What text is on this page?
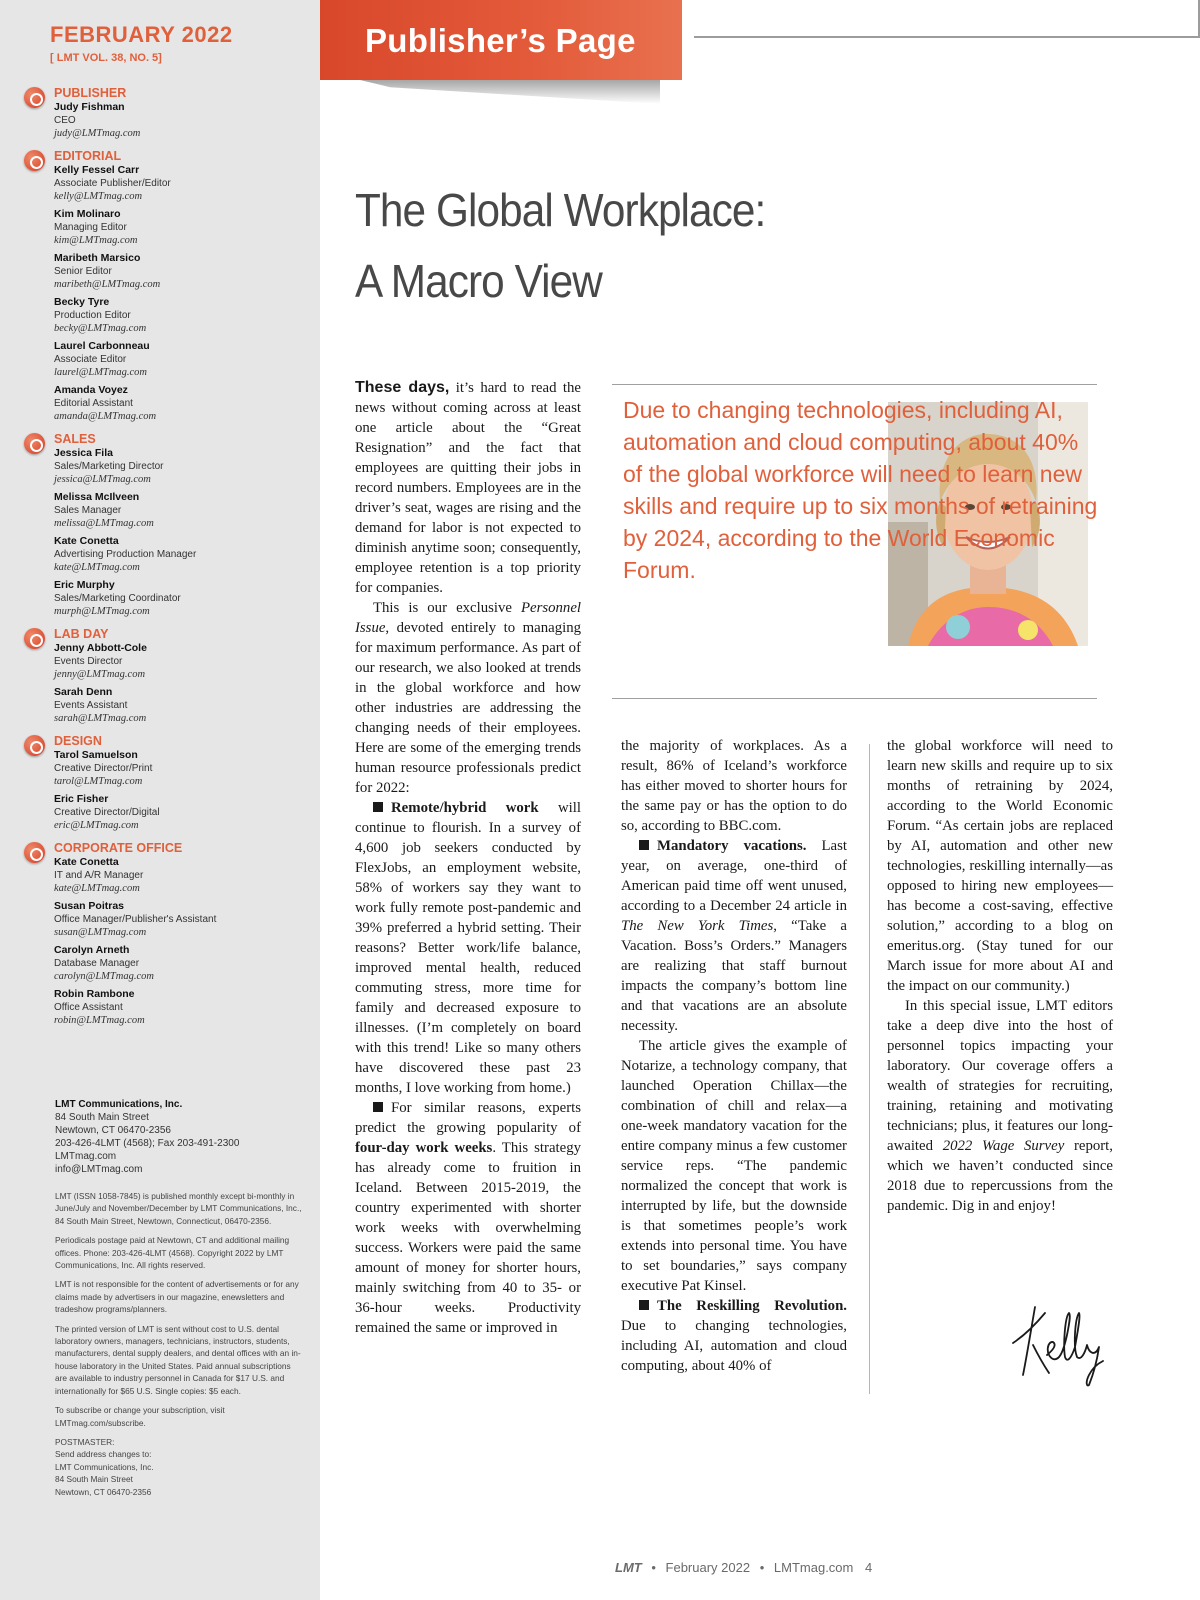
FEBRUARY 2022
[ LMT VOL. 38, NO. 5]
PUBLISHER
Judy Fishman
CEO
judy@LMTmag.com
EDITORIAL
Kelly Fessel Carr
Associate Publisher/Editor
kelly@LMTmag.com
Kim Molinaro
Managing Editor
kim@LMTmag.com
Maribeth Marsico
Senior Editor
maribeth@LMTmag.com
Becky Tyre
Production Editor
becky@LMTmag.com
Laurel Carbonneau
Associate Editor
laurel@LMTmag.com
Amanda Voyez
Editorial Assistant
amanda@LMTmag.com
SALES
Jessica Fila
Sales/Marketing Director
jessica@LMTmag.com
Melissa McIlveen
Sales Manager
melissa@LMTmag.com
Kate Conetta
Advertising Production Manager
kate@LMTmag.com
Eric Murphy
Sales/Marketing Coordinator
murph@LMTmag.com
LAB DAY
Jenny Abbott-Cole
Events Director
jenny@LMTmag.com
Sarah Denn
Events Assistant
sarah@LMTmag.com
DESIGN
Tarol Samuelson
Creative Director/Print
tarol@LMTmag.com
Eric Fisher
Creative Director/Digital
eric@LMTmag.com
CORPORATE OFFICE
Kate Conetta
IT and A/R Manager
kate@LMTmag.com
Susan Poitras
Office Manager/Publisher's Assistant
susan@LMTmag.com
Carolyn Arneth
Database Manager
carolyn@LMTmag.com
Robin Rambone
Office Assistant
robin@LMTmag.com
LMT Communications, Inc.
84 South Main Street
Newtown, CT 06470-2356
203-426-4LMT (4568); Fax 203-491-2300
LMTmag.com
info@LMTmag.com

LMT (ISSN 1058-7845) is published monthly except bi-monthly in June/July and November/December by LMT Communications, Inc., 84 South Main Street, Newtown, Connecticut, 06470-2356.

Periodicals postage paid at Newtown, CT and additional mailing offices. Phone: 203-426-4LMT (4568). Copyright 2022 by LMT Communications, Inc. All rights reserved.

LMT is not responsible for the content of advertisements or for any claims made by advertisers in our magazine, enewsletters and tradeshow programs/planners.

The printed version of LMT is sent without cost to U.S. dental laboratory owners, managers, technicians, instructors, students, manufacturers, dental supply dealers, and dental offices with an in-house laboratory in the United States. Paid annual subscriptions are available to industry personnel in Canada for $17 U.S. and internationally for $65 U.S. Single copies: $5 each.

To subscribe or change your subscription, visit LMTmag.com/subscribe.

POSTMASTER:
Send address changes to:
LMT Communications, Inc.
84 South Main Street
Newtown, CT 06470-2356

Publisher’s Page
The Global Workplace:
A Macro View
Due to changing technologies, including AI, automation and cloud computing, about 40% of the global workforce will need to learn new skills and require up to six months of retraining by 2024, according to the World Economic Forum.

These days, it’s hard to read the news without coming across at least one article about the “Great Resignation” and the fact that employees are quitting their jobs in record numbers. Employees are in the driver’s seat, wages are rising and the demand for labor is not expected to diminish anytime soon; consequently, employee retention is a top priority for companies.

This is our exclusive Personnel Issue, devoted entirely to managing for maximum performance. As part of our research, we also looked at trends in the global workforce and how other industries are addressing the changing needs of their employees. Here are some of the emerging trends human resource professionals predict for 2022:

Remote/hybrid work will continue to flourish. In a survey of 4,600 job seekers conducted by FlexJobs, an employment website, 58% of workers say they want to work fully remote post-pandemic and 39% preferred a hybrid setting. Their reasons? Better work/life balance, improved mental health, reduced commuting stress, more time for family and decreased exposure to illnesses. (I’m completely on board with this trend! Like so many others have discovered these past 23 months, I love working from home.)

For similar reasons, experts predict the growing popularity of four-day work weeks. This strategy has already come to fruition in Iceland. Between 2015-2019, the country experimented with shorter work weeks with overwhelming success. Workers were paid the same amount of money for shorter hours, mainly switching from 40 to 35- or 36-hour weeks. Productivity remained the same or improved in

the majority of workplaces. As a result, 86% of Iceland’s workforce has either moved to shorter hours for the same pay or has the option to do so, according to BBC.com.

Mandatory vacations. Last year, on average, one-third of American paid time off went unused, according to a December 24 article in The New York Times, “Take a Vacation. Boss’s Orders.” Managers are realizing that staff burnout impacts the company’s bottom line and that vacations are an absolute necessity.

The article gives the example of Notarize, a technology company, that launched Operation Chillax—the combination of chill and relax—a one-week mandatory vacation for the entire company minus a few customer service reps. “The pandemic normalized the concept that work is interrupted by life, but the downside is that sometimes people’s work extends into personal time. You have to set boundaries,” says company executive Pat Kinsel.

The Reskilling Revolution. Due to changing technologies, including AI, automation and cloud computing, about 40% of

the global workforce will need to learn new skills and require up to six months of retraining by 2024, according to the World Economic Forum. “As certain jobs are replaced by AI, automation and other new technologies, reskilling internally—as opposed to hiring new employees—has become a cost-saving, effective solution,” according to a blog on emeritus.org. (Stay tuned for our March issue for more about AI and the impact on our community.)

In this special issue, LMT editors take a deep dive into the host of personnel topics impacting your laboratory. Our coverage offers a wealth of strategies for recruiting, training, retaining and motivating technicians; plus, it features our long-awaited 2022 Wage Survey report, which we haven’t conducted since 2018 due to repercussions from the pandemic. Dig in and enjoy!

LMT • February 2022 • LMTmag.com 4
